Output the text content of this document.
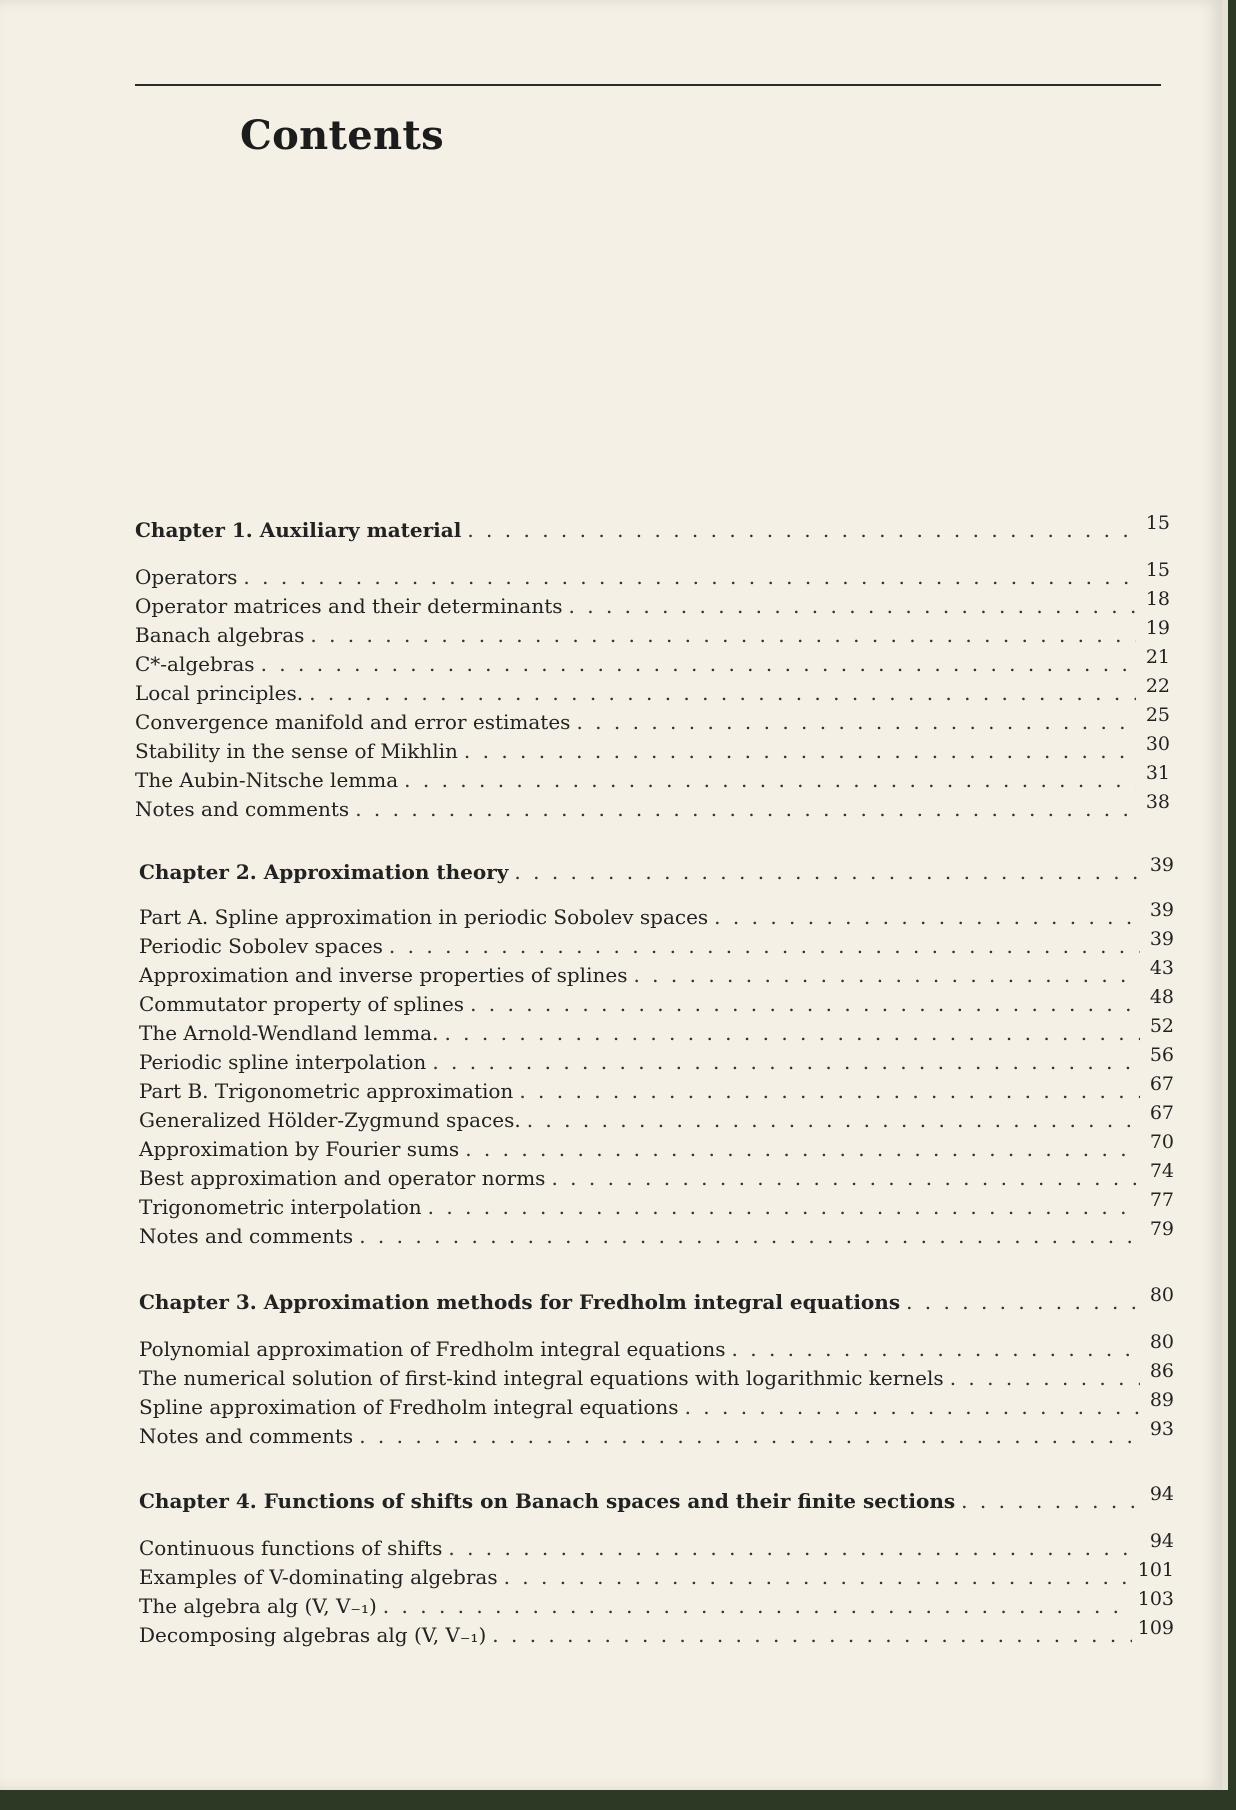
Contents
Chapter 1. Auxiliary material . . .	15
Operators . . .	15
Operator matrices and their determinants . . .	18
Banach algebras . . .	19
C*-algebras . . .	21
Local principles. . . .	22
Convergence manifold and error estimates . . .	25
Stability in the sense of Mikhlin . . .	30
The Aubin-Nitsche lemma . . .	31
Notes and comments . . .	38
Chapter 2. Approximation theory . . .	39
Part A. Spline approximation in periodic Sobolev spaces . . .	39
Periodic Sobolev spaces . . .	39
Approximation and inverse properties of splines . . .	43
Commutator property of splines . . .	48
The Arnold-Wendland lemma. . . .	52
Periodic spline interpolation . . .	56
Part B. Trigonometric approximation . . .	67
Generalized Hölder-Zygmund spaces. . . .	67
Approximation by Fourier sums . . .	70
Best approximation and operator norms . . .	74
Trigonometric interpolation . . .	77
Notes and comments . . .	79
Chapter 3. Approximation methods for Fredholm integral equations . . .	80
Polynomial approximation of Fredholm integral equations . . .	80
The numerical solution of first-kind integral equations with logarithmic kernels . . .	86
Spline approximation of Fredholm integral equations . . .	89
Notes and comments . . .	93
Chapter 4. Functions of shifts on Banach spaces and their finite sections . . .	94
Continuous functions of shifts . . .	94
Examples of V-dominating algebras . . .	101
The algebra alg (V, V₋₁) . . .	103
Decomposing algebras alg (V, V₋₁) . . .	109
